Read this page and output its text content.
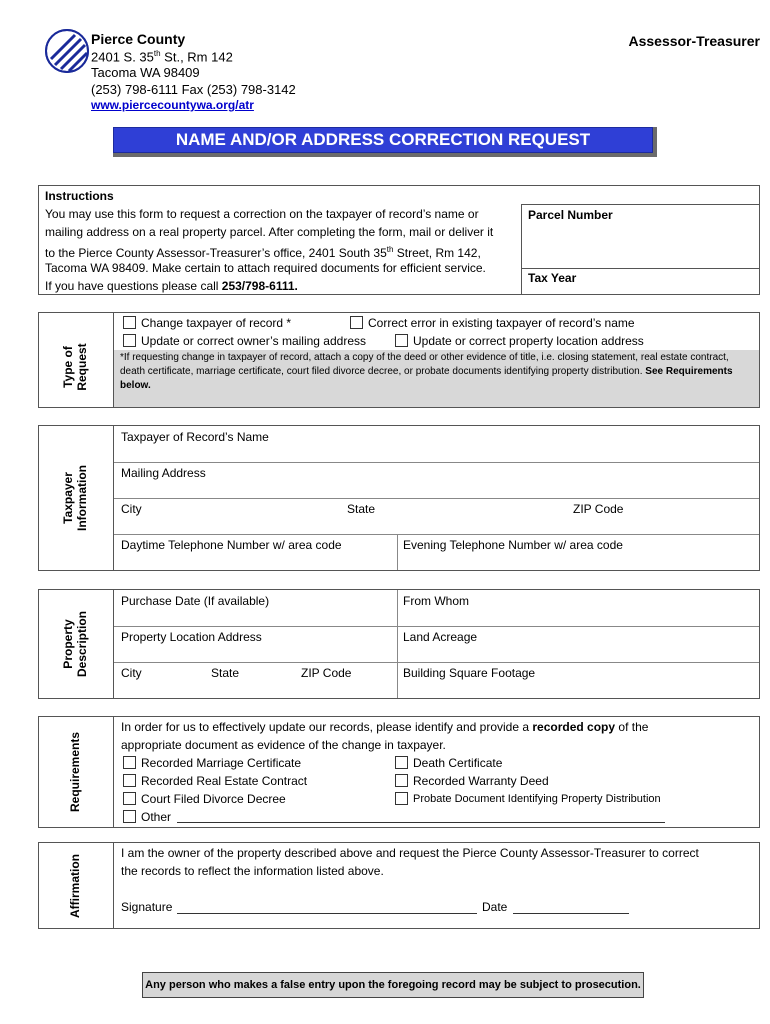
Pierce County
2401 S. 35th St., Rm 142
Tacoma WA 98409
(253) 798-6111 Fax (253) 798-3142
www.piercecountywa.org/atr
Assessor-Treasurer
NAME AND/OR ADDRESS CORRECTION REQUEST
Instructions
You may use this form to request a correction on the taxpayer of record’s name or
mailing address on a real property parcel. After completing the form, mail or deliver it
to the Pierce County Assessor-Treasurer’s office, 2401 South 35th Street, Rm 142,
Tacoma WA 98409. Make certain to attach required documents for efficient service.
If you have questions please call 253/798-6111.
Parcel Number
Tax Year
Type of
Request
Change taxpayer of record *	Correct error in existing taxpayer of record’s name
Update or correct owner’s mailing address	Update or correct property location address
*If requesting change in taxpayer of record, attach a copy of the deed or other evidence of title, i.e. closing statement, real estate contract, death certificate, marriage certificate, court filed divorce decree, or probate documents identifying property distribution. See Requirements below.
Taxpayer
Information
Taxpayer of Record’s Name
Mailing Address
City	State	ZIP Code
Daytime Telephone Number w/ area code	Evening Telephone Number w/ area code
Property
Description
Purchase Date (If available)	From Whom
Property Location Address	Land Acreage
City	State	ZIP Code	Building Square Footage
Requirements
In order for us to effectively update our records, please identify and provide a recorded copy of the
appropriate document as evidence of the change in taxpayer.
Recorded Marriage Certificate	Death Certificate
Recorded Real Estate Contract	Recorded Warranty Deed
Court Filed Divorce Decree	Probate Document Identifying Property Distribution
Other
Affirmation
I am the owner of the property described above and request the Pierce County Assessor-Treasurer to correct
the records to reflect the information listed above.
Signature	Date
Any person who makes a false entry upon the foregoing record may be subject to prosecution.
